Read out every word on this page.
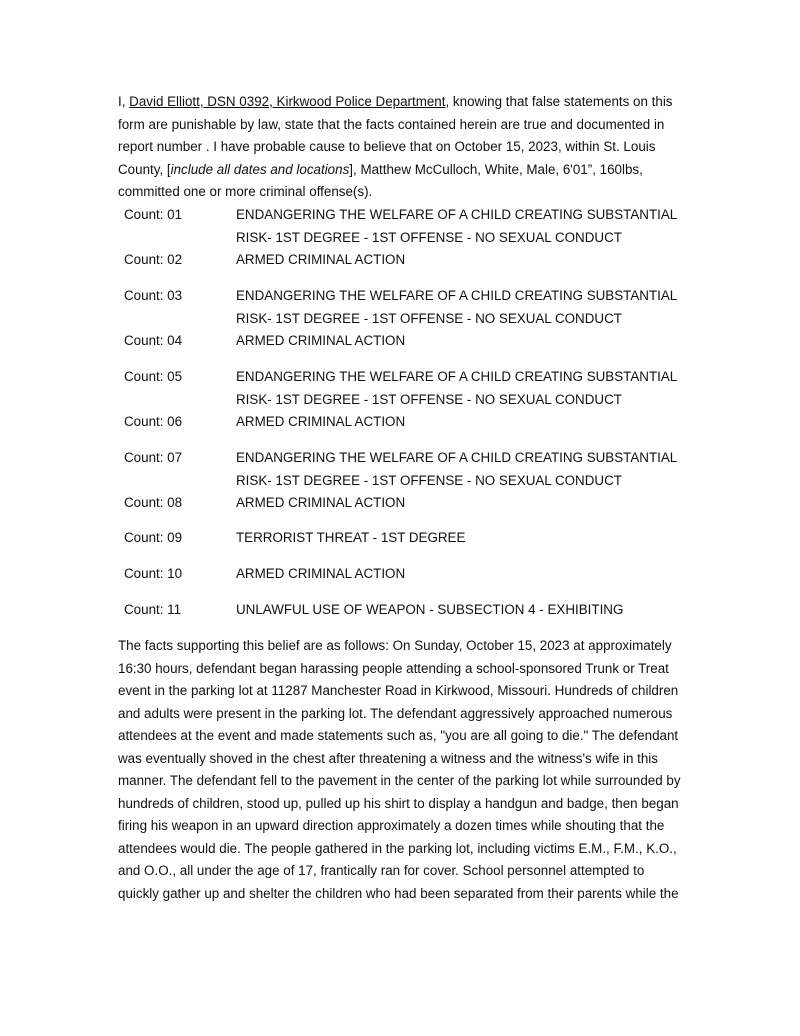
I, David Elliott, DSN 0392, Kirkwood Police Department, knowing that false statements on this form are punishable by law, state that the facts contained herein are true and documented in report number . I have probable cause to believe that on October 15, 2023, within St. Louis County, [include all dates and locations], Matthew McCulloch, White, Male, 6'01”, 160lbs, committed one or more criminal offense(s).
Count: 01	ENDANGERING THE WELFARE OF A CHILD CREATING SUBSTANTIAL RISK- 1ST DEGREE - 1ST OFFENSE - NO SEXUAL CONDUCT
Count: 02	ARMED CRIMINAL ACTION
Count: 03	ENDANGERING THE WELFARE OF A CHILD CREATING SUBSTANTIAL RISK- 1ST DEGREE - 1ST OFFENSE - NO SEXUAL CONDUCT
Count: 04	ARMED CRIMINAL ACTION
Count: 05	ENDANGERING THE WELFARE OF A CHILD CREATING SUBSTANTIAL RISK- 1ST DEGREE - 1ST OFFENSE - NO SEXUAL CONDUCT
Count: 06	ARMED CRIMINAL ACTION
Count: 07	ENDANGERING THE WELFARE OF A CHILD CREATING SUBSTANTIAL RISK- 1ST DEGREE - 1ST OFFENSE - NO SEXUAL CONDUCT
Count: 08	ARMED CRIMINAL ACTION
Count: 09	TERRORIST THREAT - 1ST DEGREE
Count: 10	ARMED CRIMINAL ACTION
Count: 11	UNLAWFUL USE OF WEAPON - SUBSECTION 4 - EXHIBITING
The facts supporting this belief are as follows: On Sunday, October 15, 2023 at approximately 16:30 hours, defendant began harassing people attending a school-sponsored Trunk or Treat event in the parking lot at 11287 Manchester Road in Kirkwood, Missouri. Hundreds of children and adults were present in the parking lot. The defendant aggressively approached numerous attendees at the event and made statements such as, "you are all going to die." The defendant was eventually shoved in the chest after threatening a witness and the witness's wife in this manner. The defendant fell to the pavement in the center of the parking lot while surrounded by hundreds of children, stood up, pulled up his shirt to display a handgun and badge, then began firing his weapon in an upward direction approximately a dozen times while shouting that the attendees would die. The people gathered in the parking lot, including victims E.M., F.M., K.O., and O.O., all under the age of 17, frantically ran for cover. School personnel attempted to quickly gather up and shelter the children who had been separated from their parents while the
